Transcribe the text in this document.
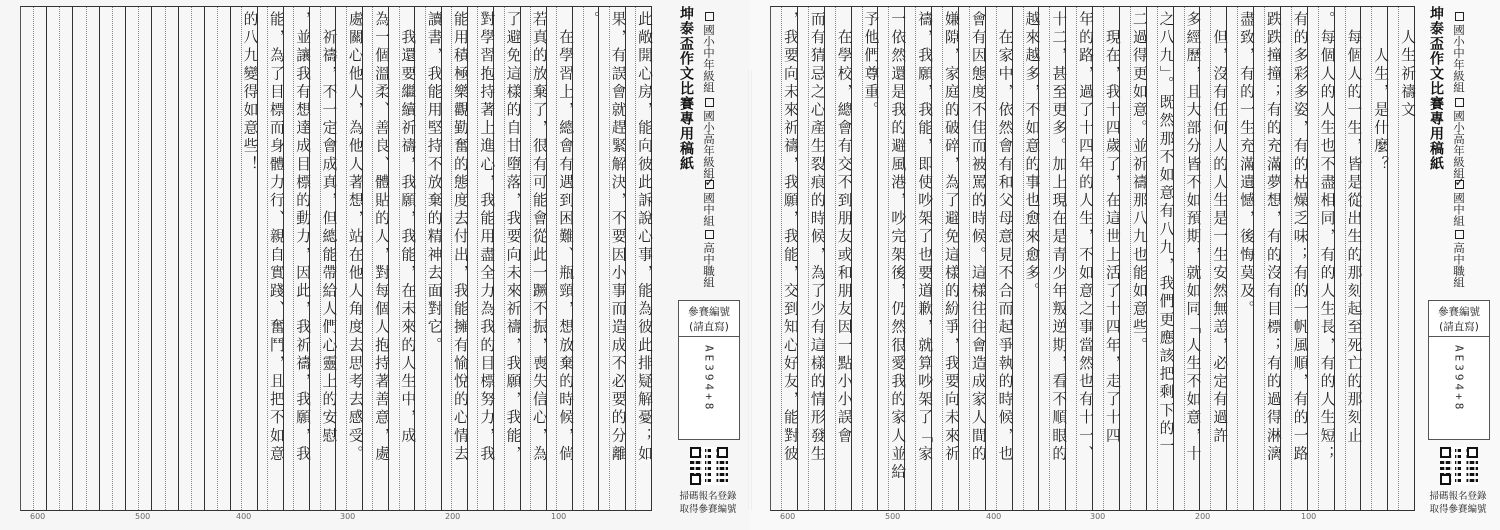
　人生祈禱文
　　人生，是什麼？
　每個人的一生，皆是從出生的那刻起至死亡的那刻止
。每個人的人生也不盡相同，有的人生長，有的人生短；
有的多彩多姿，有的枯燥乏味；有的一帆風順，有的一路
跌跌撞撞；有的充滿夢想，有的沒有目標；有的過得淋漓
盡致，有的一生充滿遺憾，後悔莫及。
　但，沒有任何人的人生是一生安然無恙，必定有過許
多經歷，且大部分皆不如預期，就如同「人生不如意，十
之八九」。既然那不如意有八九，我們更應該把剩下的一
二過得更如意。並祈禱那八九也能如意些。
　現在，我十四歲了，在這世上活了十四年，走了十四
年的路，過了十四年的人生，不如意之事當然也有十一、
十二，甚至更多。加上現在是青少年叛逆期，看不順眼的
越來越多，不如意的事也愈來愈多。
　在家中，依然會有和父母意見不合而起爭執的時候，也
會有因態度不佳而被罵的時候。這樣往往會造成家人間的
嫌隙，家庭的破碎，為了避免這樣的紛爭，我要向未來祈
禱，我願，我能，即使吵架了也要道歉，就算吵架了「家
一依然還是我的避風港，吵完架後，仍然很愛我的家人並給
予他們尊重。
　在學校，總會有交不到朋友或和朋友因一點小小誤會
而有猜忌之心產生裂痕的時候，為了少有這樣的情形發生
，我要向未來祈禱，我願，我能，交到知心好友，能對彼	坤泰盃作文比賽專用稿紙 國小中年級組
國小高年級組
✓
國中組
高中職組
參賽編號
(請直寫)
AE394+8
掃碼報名登錄
取得參賽編號
100
200
300
400
500
600
此敞開心房，能向彼此訴說心事，能為彼此排疑解憂；如
果，有誤會就趕緊解決，不要因小事而造成不必要的分離
。
　在學習上，總會有遇到困難、瓶頸，想放棄的時候，倘
若真的放棄了，很有可能會從此一蹶不振，喪失信心，為
了避免這樣的自甘墮落，我要向未來祈禱，我願，我能，
對學習抱持著上進心，我能用盡全力為我的目標努力，我
能用積極樂觀勤奮的態度去付出，我能擁有愉悅的心情去
讀書，我能用堅持不放棄的精神去面對它。
　我還要繼續祈禱，我願，我能，在未來的人生中，成
為一個溫柔、善良、體貼的人，對每個人抱持著善意，處
處關心他人，為他人著想，站在他人角度去思考去感受。
　祈禱，不一定會成真，但總能帶給人們心靈上的安慰
，並讓我有想達成目標的動力，因此，我祈禱，我願，我
能，為了目標而身體力行、親自實踐、奮鬥，且把不如意
的八九變得如意些！	坤泰盃作文比賽專用稿紙 國小中年級組
國小高年級組
✓
國中組
高中職組
參賽編號
(請直寫)
AE394+8
掃碼報名登錄
取得參賽編號
100
200
300
400
500
600
